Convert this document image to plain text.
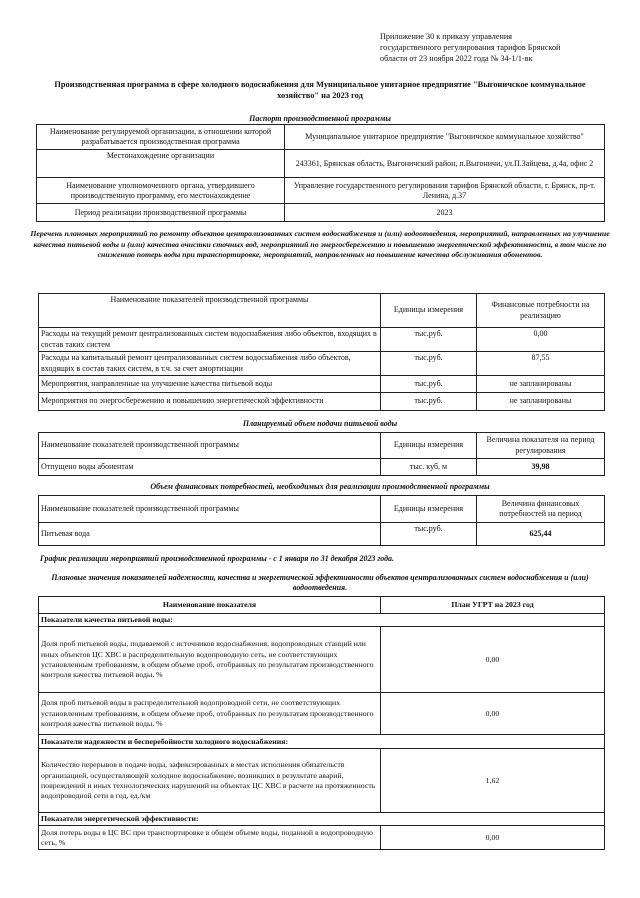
Приложение 30 к приказу управления
государственного регулирования тарифов Брянской
области от 23 ноября 2022 года № 34-1/1-вк
Производственная программа в сфере холодного водоснабжения для Муниципальное унитарное предприятие "Выгоничское коммунальное хозяйство" на 2023 год
Паспорт производственной программы
Наименование регулируемой организации, в отношении которой разрабатывается производственная программа	Муниципальное унитарное предприятие "Выгоничское коммунальное хозяйство"
Местонахождение организации	243361, Брянская область, Выгоничский район, п.Выгоничи, ул.П.Зайцева, д.4а, офис 2
Наименование уполномоченного органа, утвердившего производственную программу, его местонахождение	Управление государственного регулирования тарифов Брянской области, г. Брянск, пр-т. Ленина, д.37
Период реализации производственной программы	2023
Перечень плановых мероприятий по ремонту объектов централизованных систем водоснабжения и (или) водоотведения, мероприятий, направленных на улучшение качества питьевой воды и (или) качества очистки сточных вод, мероприятий по энергосбережению и повышению энергетической эффективности, в том числе по снижению потерь воды при транспортировке, мероприятий, направленных на повышение качества обслуживания абонентов.
Наименование показателей производственной программы	Единицы измерения	Финансовые потребности на реализацию
Расходы на текущий ремонт централизованных систем водоснабжения либо объектов, входящих в состав таких систем	тыс.руб.	0,00
Расходы на капитальный ремонт централизованных систем водоснабжения либо объектов, входящих в состав таких систем, в т.ч. за счет амортизации	тыс.руб.	87,55
Мероприятия, направленные на улучшение качества питьевой воды	тыс.руб.	не запланированы
Мероприятия по энергосбережению и повышению энергетической эффективности	тыс.руб.	не запланированы
Планируемый объем подачи питьевой воды
Наименование показателей производственной программы	Единицы измерения	Величина показателя на период регулирования
Отпущено воды абонентам	тыс. куб. м	39,98
Объем финансовых потребностей, необходимых для реализации производственной программы
Наименование показателей производственной программы	Единицы измерения	Величина финансовых потребностей на период
Питьевая вода	тыс.руб.	625,44
График реализации мероприятий производственной программы - с 1 января по 31 декабря 2023 года.
Плановые значения показателей надежности, качества и энергетической эффективности объектов централизованных систем водоснабжения и (или) водоотведения.
Наименование показателя	План УГРТ на 2023 год
Показатели качества питьевой воды:	
Доля проб питьевой воды, подаваемой с источников водоснабжения, водопроводных станций или иных объектов ЦС ХВС в распределительную водопроводную сеть, не соответствующих установленным требованиям, в общем объеме проб, отобранных по результатам производственного контроля качества питьевой воды, %	0,00
Доля проб питьевой воды в распределительной водопроводной сети, не соответствующих установленным требованиям, в общем объеме проб, отобранных по результатам производственного контроля качества питьевой воды, %	0,00
Показатели надежности и бесперебойности холодного водоснабжения:	
Количество перерывов в подаче воды, зафиксированных в местах исполнения обязательств организацией, осуществляющей холодное водоснабжение, возникших в результате аварий, повреждений и иных технологических нарушений на объектах ЦС ХВС в расчете на протяженность водопроводной сети в год, ед./км	1,62
Показатели энергетической эффективности:	
Доля потерь воды в ЦС ВС при транспортировке в общем объеме воды, поданной в водопроводную сеть, %	0,00
